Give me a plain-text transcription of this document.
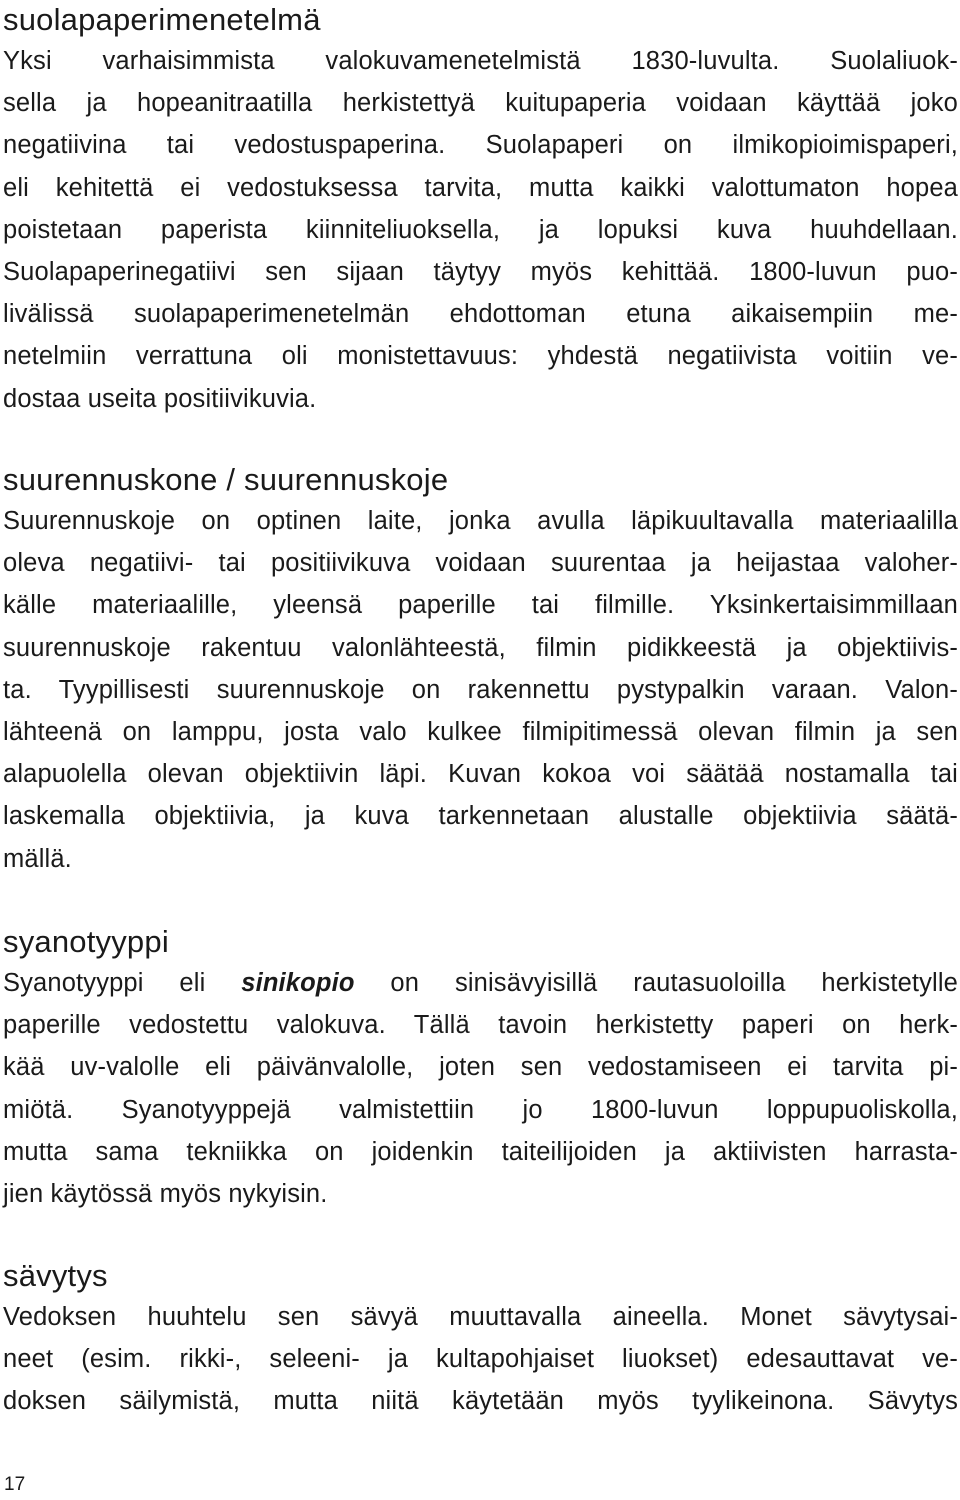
suolapaperimenetelmä

Yksi varhaisimmista valokuvamenetelmistä 1830-luvulta. Suolaliuok-
sella ja hopeanitraatilla herkistettyä kuitupaperia voidaan käyttää joko
negatiivina tai vedostuspaperina. Suolapaperi on ilmikopioimispaperi,
eli kehitettä ei vedostuksessa tarvita, mutta kaikki valottumaton hopea
poistetaan paperista kiinniteliuoksella, ja lopuksi kuva huuhdellaan.
Suolapaperinegatiivi sen sijaan täytyy myös kehittää. 1800-luvun puo-
livälissä suolapaperimenetelmän ehdottoman etuna aikaisempiin me-
netelmiin verrattuna oli monistettavuus: yhdestä negatiivista voitiin ve-
dostaa useita positiivikuvia.

suurennuskone / suurennuskoje

Suurennuskoje on optinen laite, jonka avulla läpikuultavalla materiaalilla
oleva negatiivi- tai positiivikuva voidaan suurentaa ja heijastaa valoher-
källe materiaalille, yleensä paperille tai filmille. Yksinkertaisimmillaan
suurennuskoje rakentuu valonlähteestä, filmin pidikkeestä ja objektiivis-
ta. Tyypillisesti suurennuskoje on rakennettu pystypalkin varaan. Valon-
lähteenä on lamppu, josta valo kulkee filmipitimessä olevan filmin ja sen
alapuolella olevan objektiivin läpi. Kuvan kokoa voi säätää nostamalla tai
laskemalla objektiivia, ja kuva tarkennetaan alustalle objektiivia säätä-
mällä.

syanotyyppi

Syanotyyppi eli sinikopio on sinisävyisillä rautasuoloilla herkistetylle
paperille vedostettu valokuva. Tällä tavoin herkistetty paperi on herk-
kää uv-valolle eli päivänvalolle, joten sen vedostamiseen ei tarvita pi-
miötä. Syanotyyppejä valmistettiin jo 1800-luvun loppupuoliskolla,
mutta sama tekniikka on joidenkin taiteilijoiden ja aktiivisten harrasta-
jien käytössä myös nykyisin.

sävytys

Vedoksen huuhtelu sen sävyä muuttavalla aineella. Monet sävytysai-
neet (esim. rikki-, seleeni- ja kultapohjaiset liuokset) edesauttavat ve-
doksen säilymistä, mutta niitä käytetään myös tyylikeinona. Sävytys

17
